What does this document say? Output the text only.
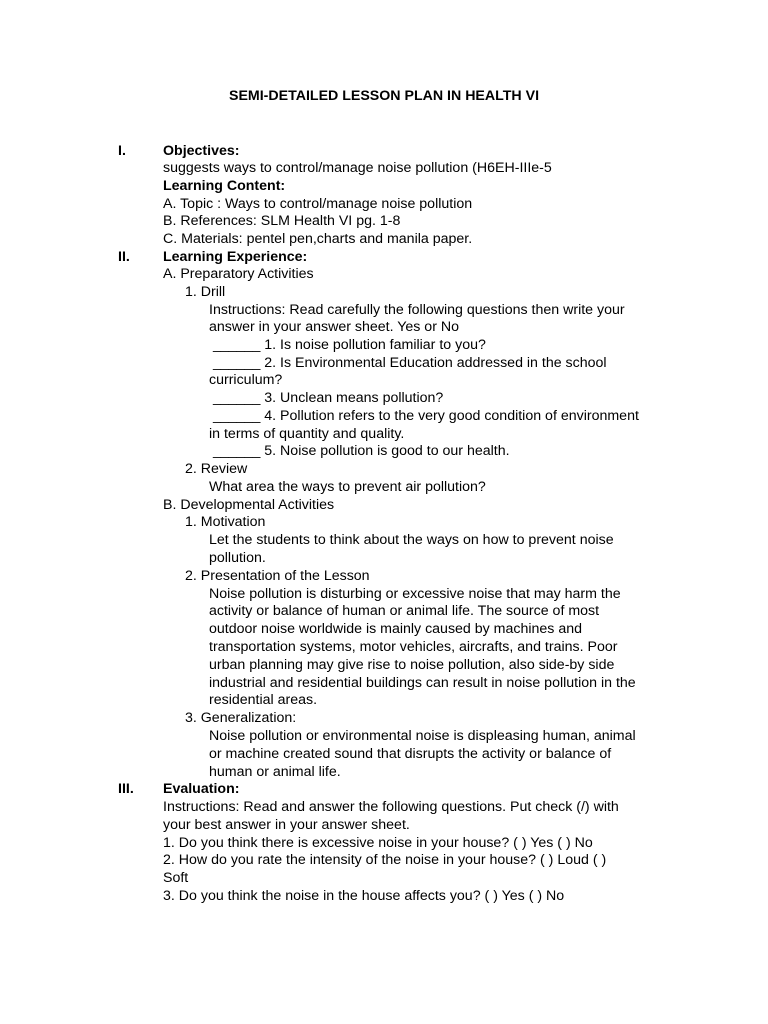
SEMI-DETAILED LESSON PLAN IN HEALTH VI
I.	Objectives:
suggests ways to control/manage noise pollution (H6EH-IIIe-5
Learning Content:
A. Topic : Ways to control/manage noise pollution
B. References: SLM Health VI pg. 1-8
C. Materials: pentel pen,charts and manila paper.
II. Learning Experience:
A. Preparatory Activities
1. Drill
Instructions: Read carefully the following questions then write your
answer in your answer sheet. Yes or No
______ 1. Is noise pollution familiar to you?
______ 2. Is Environmental Education addressed in the school
curriculum?
______ 3. Unclean means pollution?
______ 4. Pollution refers to the very good condition of environment
in terms of quantity and quality.
______ 5. Noise pollution is good to our health.
2. Review
What area the ways to prevent air pollution?
B. Developmental Activities
1. Motivation
Let the students to think about the ways on how to prevent noise
pollution.
2. Presentation of the Lesson
Noise pollution is disturbing or excessive noise that may harm the
activity or balance of human or animal life. The source of most
outdoor noise worldwide is mainly caused by machines and
transportation systems, motor vehicles, aircrafts, and trains. Poor
urban planning may give rise to noise pollution, also side-by side
industrial and residential buildings can result in noise pollution in the
residential areas.
3. Generalization:
Noise pollution or environmental noise is displeasing human, animal
or machine created sound that disrupts the activity or balance of
human or animal life.
III. Evaluation:
Instructions: Read and answer the following questions. Put check (/) with
your best answer in your answer sheet.
1. Do you think there is excessive noise in your house? ( ) Yes ( ) No
2. How do you rate the intensity of the noise in your house? ( ) Loud ( )
Soft
3. Do you think the noise in the house affects you? ( ) Yes ( ) No
